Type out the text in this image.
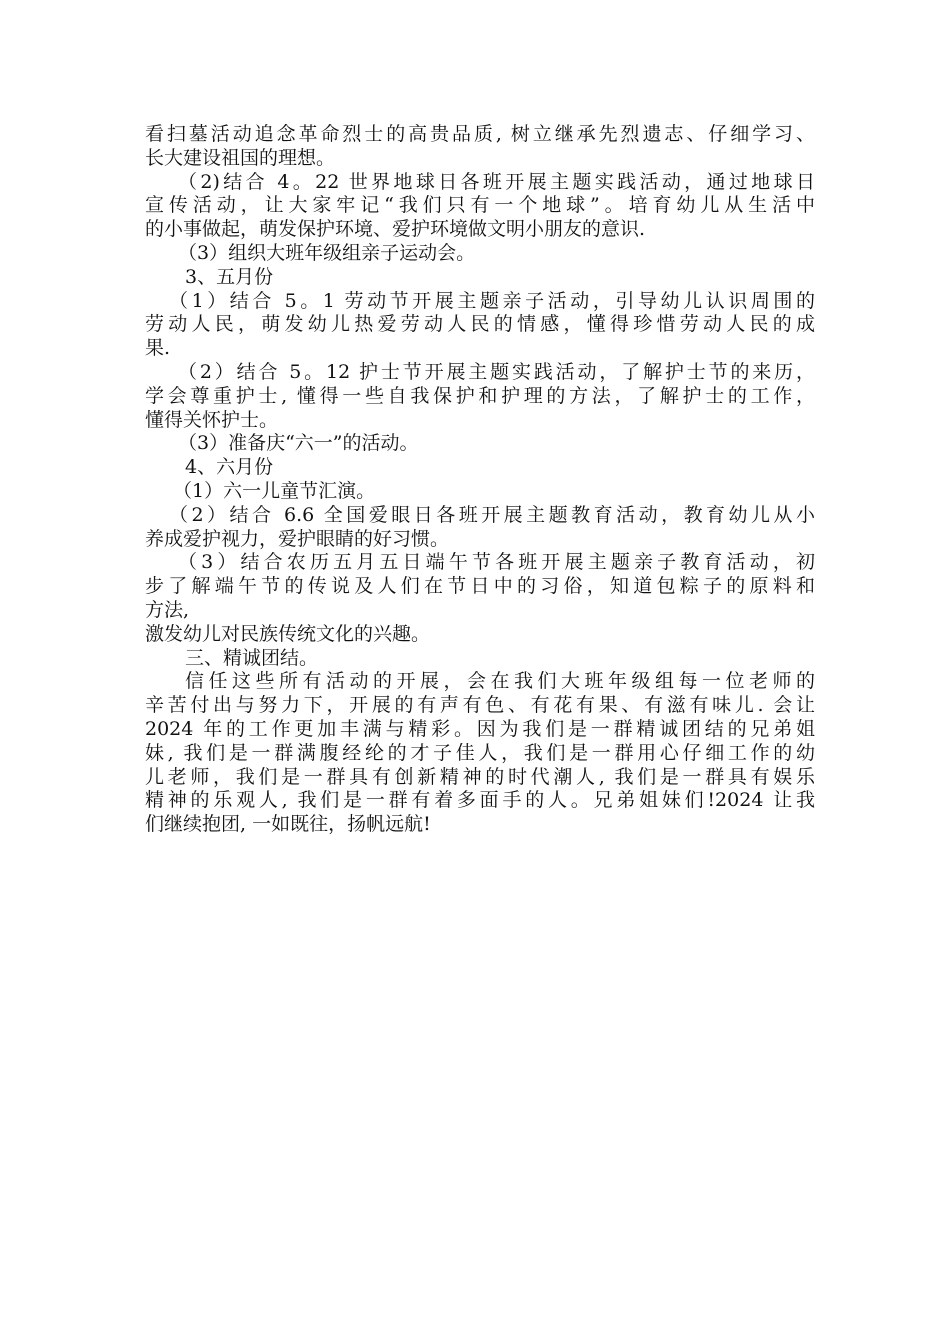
看扫墓活动追念革命烈士的高贵品质, 树立继承先烈遗志、仔细学习、
长大建设祖国的理想。
（2)结合 4。22 世界地球日各班开展主题实践活动，通过地球日
宣传活动，让大家牢记“我们只有一个地球”。培育幼儿从生活中
的小事做起，萌发保护环境、爱护环境做文明小朋友的意识.
（3）组织大班年级组亲子运动会。
3、五月份
（1）结合 5。1 劳动节开展主题亲子活动，引导幼儿认识周围的
劳动人民，萌发幼儿热爱劳动人民的情感，懂得珍惜劳动人民的成
果.
（2）结合 5。12 护士节开展主题实践活动，了解护士节的来历，
学会尊重护士, 懂得一些自我保护和护理的方法，了解护士的工作，
懂得关怀护士。
（3）准备庆“六一”的活动。
4、六月份
（1）六一儿童节汇演。
（2）结合 6.6 全国爱眼日各班开展主题教育活动，教育幼儿从小
养成爱护视力，爱护眼睛的好习惯。
（3）结合农历五月五日端午节各班开展主题亲子教育活动，初
步了解端午节的传说及人们在节日中的习俗，知道包粽子的原料和
方法,
激发幼儿对民族传统文化的兴趣。
三、精诚团结。
信任这些所有活动的开展，会在我们大班年级组每一位老师的
辛苦付出与努力下，开展的有声有色、有花有果、有滋有味儿. 会让
2024 年的工作更加丰满与精彩。因为我们是一群精诚团结的兄弟姐
妹, 我们是一群满腹经纶的才子佳人，我们是一群用心仔细工作的幼
儿老师，我们是一群具有创新精神的时代潮人, 我们是一群具有娱乐
精神的乐观人, 我们是一群有着多面手的人。兄弟姐妹们!2024 让我
们继续抱团, 一如既往，扬帆远航!
